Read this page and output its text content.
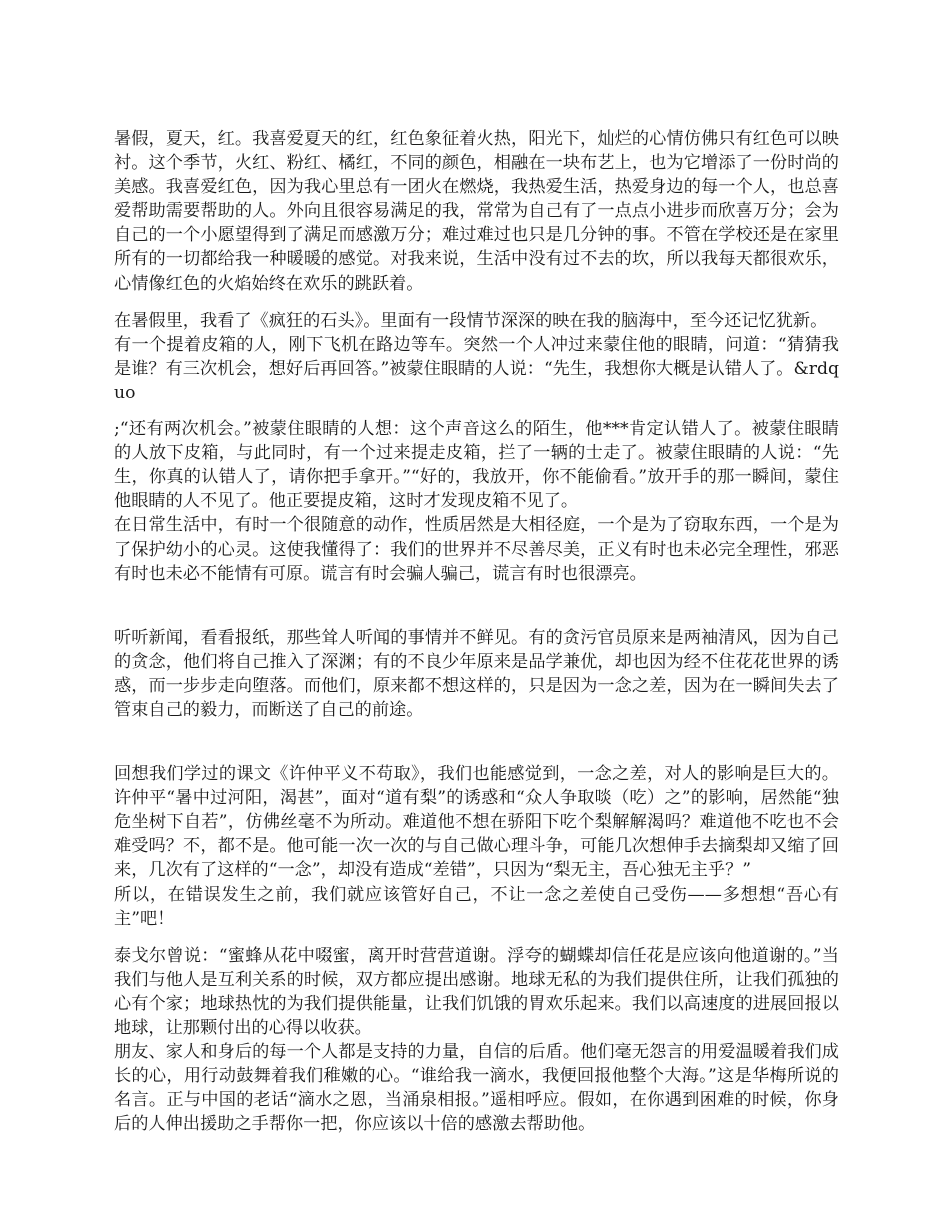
暑假，夏天，红。我喜爱夏天的红，红色象征着火热，阳光下，灿烂的心情仿佛只有红色可以映衬。这个季节，火红、粉红、橘红，不同的颜色，相融在一块布艺上，也为它增添了一份时尚的美感。我喜爱红色，因为我心里总有一团火在燃烧，我热爱生活，热爱身边的每一个人，也总喜爱帮助需要帮助的人。外向且很容易满足的我，常常为自己有了一点点小进步而欣喜万分；会为自己的一个小愿望得到了满足而感激万分；难过难过也只是几分钟的事。不管在学校还是在家里所有的一切都给我一种暖暖的感觉。对我来说，生活中没有过不去的坎，所以我每天都很欢乐，心情像红色的火焰始终在欢乐的跳跃着。

在暑假里，我看了《疯狂的石头》。里面有一段情节深深的映在我的脑海中，至今还记忆犹新。

有一个提着皮箱的人，刚下飞机在路边等车。突然一个人冲过来蒙住他的眼睛，问道：“猜猜我是谁？有三次机会，想好后再回答。”被蒙住眼睛的人说：“先生，我想你大概是认错人了。&rdquo

;“还有两次机会。”被蒙住眼睛的人想：这个声音这么的陌生，他***肯定认错人了。被蒙住眼睛的人放下皮箱，与此同时，有一个过来提走皮箱，拦了一辆的士走了。被蒙住眼睛的人说：“先生，你真的认错人了，请你把手拿开。”“好的，我放开，你不能偷看。”放开手的那一瞬间，蒙住他眼睛的人不见了。他正要提皮箱，这时才发现皮箱不见了。

在日常生活中，有时一个很随意的动作，性质居然是大相径庭，一个是为了窃取东西，一个是为了保护幼小的心灵。这使我懂得了：我们的世界并不尽善尽美，正义有时也未必完全理性，邪恶有时也未必不能情有可原。谎言有时会骗人骗己，谎言有时也很漂亮。

听听新闻，看看报纸，那些耸人听闻的事情并不鲜见。有的贪污官员原来是两袖清风，因为自己的贪念，他们将自己推入了深渊；有的不良少年原来是品学兼优，却也因为经不住花花世界的诱惑，而一步步走向堕落。而他们，原来都不想这样的，只是因为一念之差，因为在一瞬间失去了管束自己的毅力，而断送了自己的前途。

回想我们学过的课文《许仲平义不苟取》，我们也能感觉到，一念之差，对人的影响是巨大的。许仲平“暑中过河阳，渴甚”，面对“道有梨”的诱惑和“众人争取啖（吃）之”的影响，居然能“独危坐树下自若”，仿佛丝毫不为所动。难道他不想在骄阳下吃个梨解解渴吗？难道他不吃也不会难受吗？不，都不是。他可能一次一次的与自己做心理斗争，可能几次想伸手去摘梨却又缩了回来，几次有了这样的“一念”，却没有造成“差错”，只因为“梨无主，吾心独无主乎？”

所以，在错误发生之前，我们就应该管好自己，不让一念之差使自己受伤——多想想“吾心有主”吧！

泰戈尔曾说：“蜜蜂从花中啜蜜，离开时营营道谢。浮夸的蝴蝶却信任花是应该向他道谢的。”当我们与他人是互利关系的时候，双方都应提出感谢。地球无私的为我们提供住所，让我们孤独的心有个家；地球热忱的为我们提供能量，让我们饥饿的胃欢乐起来。我们以高速度的进展回报以地球，让那颗付出的心得以收获。

朋友、家人和身后的每一个人都是支持的力量，自信的后盾。他们毫无怨言的用爱温暖着我们成长的心，用行动鼓舞着我们稚嫩的心。“谁给我一滴水，我便回报他整个大海。”这是华梅所说的名言。正与中国的老话“滴水之恩，当涌泉相报。”遥相呼应。假如，在你遇到困难的时候，你身后的人伸出援助之手帮你一把，你应该以十倍的感激去帮助他。
